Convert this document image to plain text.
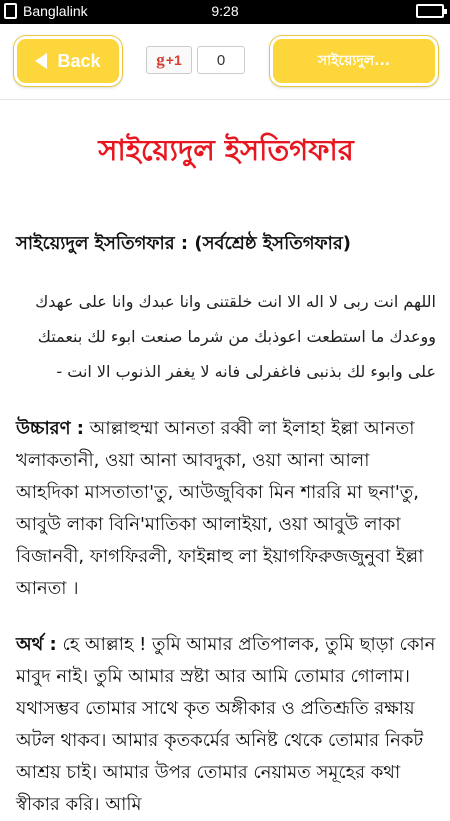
Banglalink	9:28
Back	g +1	0	সাইয়্যেদুল...
সাইয়্যেদুল ইসতিগফার
সাইয়্যেদুল ইসতিগফার : (সর্বশ্রেষ্ঠ ইসতিগফার)
اللهم انت ربى لا اله الا انت خلقتنى وانا عبدك وانا على عهدك ووعدك ما استطعت اعوذبك من شرما صنعت ابوء لك بنعمتك على وابوء لك بذنبى فاغفرلى فانه لا يغفر الذنوب الا انت -
উচ্চারণ : আল্লাহুম্মা আনতা রব্বী লা ইলাহা ইল্লা আনতা খলাকতানী, ওয়া আনা আবদুকা, ওয়া আনা আলা আহদিকা মাসতাতা'তু, আউজুবিকা মিন শাররি মা ছনা'তু, আবুউ লাকা বিনি'মাতিকা আলাইয়া, ওয়া আবুউ লাকা বিজানবী, ফাগফিরলী, ফাইন্নাহু লা ইয়াগফিরুজজুনুবা ইল্লা আনতা ।
অর্থ : হে আল্লাহ ! তুমি আমার প্রতিপালক, তুমি ছাড়া কোন মাবুদ নাই। তুমি আমার স্রষ্টা আর আমি তোমার গোলাম। যথাসম্ভব তোমার সাথে কৃত অঙ্গীকার ও প্রতিশ্রূতি রক্ষায় অটল থাকব। আমার কৃতকর্মের অনিষ্ট থেকে তোমার নিকট আশ্রয় চাই। আমার উপর তোমার নেয়ামত সমূহের কথা স্বীকার করি। আমি
